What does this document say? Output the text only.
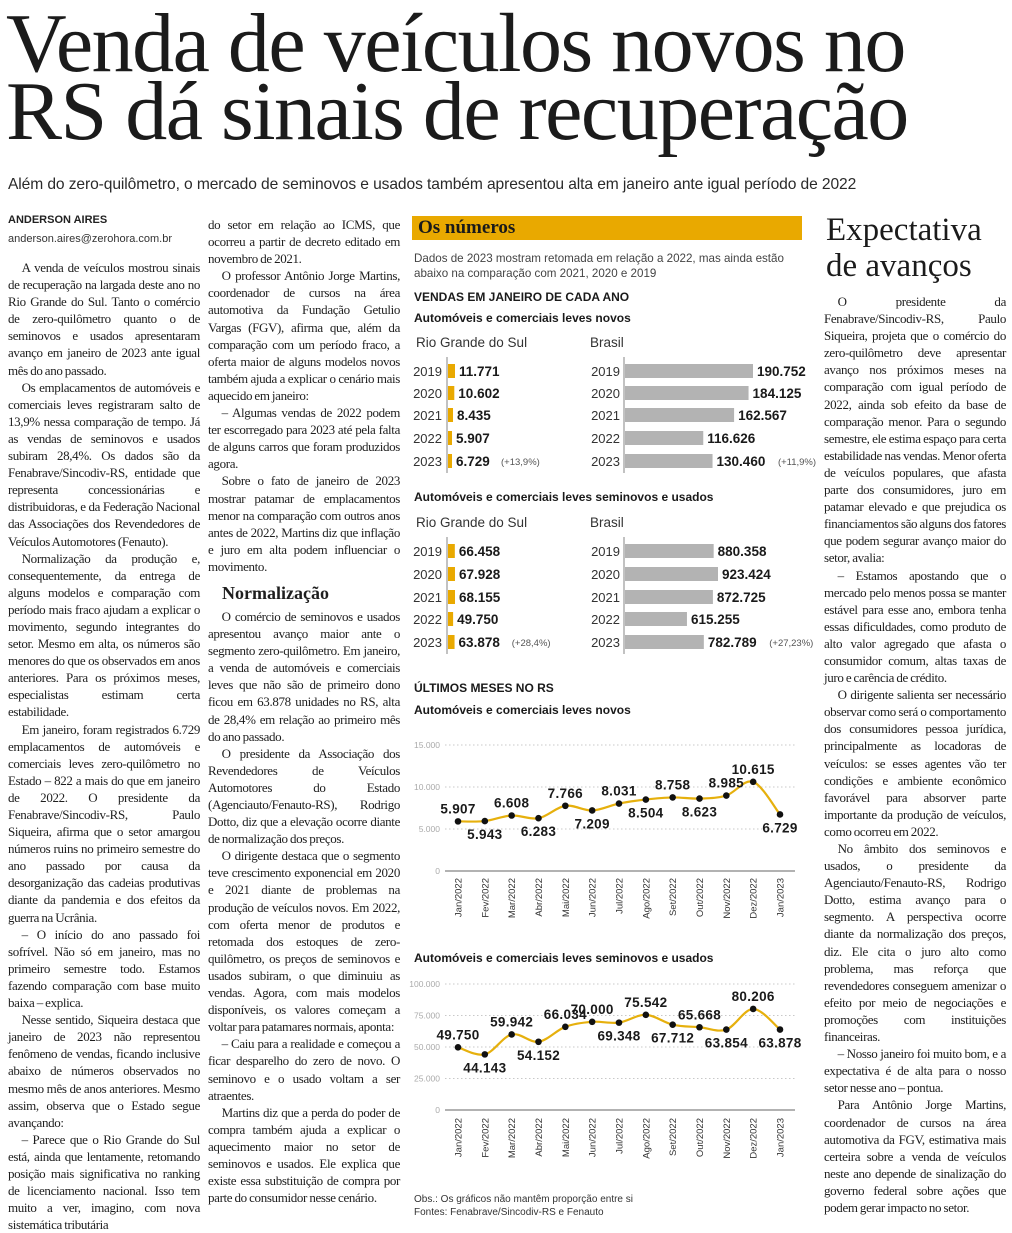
Venda de veículos novos no
RS dá sinais de recuperação
Além do zero-quilômetro, o mercado de seminovos e usados também apresentou alta em janeiro ante igual período de 2022
ANDERSON AIRES
anderson.aires@zerohora.com.br

A venda de veículos mostrou sinais de recuperação na largada deste ano no Rio Grande do Sul. Tanto o comércio de zero-quilômetro quanto o de seminovos e usados apresentaram avanço em janeiro de 2023 ante igual mês do ano passado.

Os emplacamentos de automóveis e comerciais leves registraram salto de 13,9% nessa comparação de tempo. Já as vendas de seminovos e usados subiram 28,4%. Os dados são da Fenabrave/Sincodiv-RS, entidade que representa concessionárias e distribuidoras, e da Federação Nacional das Associações dos Revendedores de Veículos Automotores (Fenauto).

Normalização da produção e, consequentemente, da entrega de alguns modelos e comparação com período mais fraco ajudam a explicar o movimento, segundo integrantes do setor. Mesmo em alta, os números são menores do que os observados em anos anteriores. Para os próximos meses, especialistas estimam certa estabilidade.

Em janeiro, foram registrados 6.729 emplacamentos de automóveis e comerciais leves zero-quilômetro no Estado – 822 a mais do que em janeiro de 2022. O presidente da Fenabrave/Sincodiv-RS, Paulo Siqueira, afirma que o setor amargou números ruins no primeiro semestre do ano passado por causa da desorganização das cadeias produtivas diante da pandemia e dos efeitos da guerra na Ucrânia.

– O início do ano passado foi sofrível. Não só em janeiro, mas no primeiro semestre todo. Estamos fazendo comparação com base muito baixa – explica.

Nesse sentido, Siqueira destaca que janeiro de 2023 não representou fenômeno de vendas, ficando inclusive abaixo de números observados no mesmo mês de anos anteriores. Mesmo assim, observa que o Estado segue avançando:

– Parece que o Rio Grande do Sul está, ainda que lentamente, retomando posição mais significativa no ranking de licenciamento nacional. Isso tem muito a ver, imagino, com nova sistemática tributária

do setor em relação ao ICMS, que ocorreu a partir de decreto editado em novembro de 2021.

O professor Antônio Jorge Martins, coordenador de cursos na área automotiva da Fundação Getulio Vargas (FGV), afirma que, além da comparação com um período fraco, a oferta maior de alguns modelos novos também ajuda a explicar o cenário mais aquecido em janeiro:

– Algumas vendas de 2022 podem ter escorregado para 2023 até pela falta de alguns carros que foram produzidos agora.

Sobre o fato de janeiro de 2023 mostrar patamar de emplacamentos menor na comparação com outros anos antes de 2022, Martins diz que inflação e juro em alta podem influenciar o movimento.

Normalização

O comércio de seminovos e usados apresentou avanço maior ante o segmento zero-quilômetro. Em janeiro, a venda de automóveis e comerciais leves que não são de primeiro dono ficou em 63.878 unidades no RS, alta de 28,4% em relação ao primeiro mês do ano passado.

O presidente da Associação dos Revendedores de Veículos Automotores do Estado (Agenciauto/Fenauto-RS), Rodrigo Dotto, diz que a elevação ocorre diante de normalização dos preços.

O dirigente destaca que o segmento teve crescimento exponencial em 2020 e 2021 diante de problemas na produção de veículos novos. Em 2022, com oferta menor de produtos e retomada dos estoques de zero-quilômetro, os preços de seminovos e usados subiram, o que diminuiu as vendas. Agora, com mais modelos disponíveis, os valores começam a voltar para patamares normais, aponta:

– Caiu para a realidade e começou a ficar desparelho do zero de novo. O seminovo e o usado voltam a ser atraentes.

Martins diz que a perda do poder de compra também ajuda a explicar o aquecimento maior no setor de seminovos e usados. Ele explica que existe essa substituição de compra por parte do consumidor nesse cenário.

Expectativa de avanços

O presidente da Fenabrave/Sincodiv-RS, Paulo Siqueira, projeta que o comércio do zero-quilômetro deve apresentar avanço nos próximos meses na comparação com igual período de 2022, ainda sob efeito da base de comparação menor. Para o segundo semestre, ele estima espaço para certa estabilidade nas vendas. Menor oferta de veículos populares, que afasta parte dos consumidores, juro em patamar elevado e que prejudica os financiamentos são alguns dos fatores que podem segurar avanço maior do setor, avalia:

– Estamos apostando que o mercado pelo menos possa se manter estável para esse ano, embora tenha essas dificuldades, como produto de alto valor agregado que afasta o consumidor comum, altas taxas de juro e carência de crédito.

O dirigente salienta ser necessário observar como será o comportamento dos consumidores pessoa jurídica, principalmente as locadoras de veículos: se esses agentes vão ter condições e ambiente econômico favorável para absorver parte importante da produção de veículos, como ocorreu em 2022.

No âmbito dos seminovos e usados, o presidente da Agenciauto/Fenauto-RS, Rodrigo Dotto, estima avanço para o segmento. A perspectiva ocorre diante da normalização dos preços, diz. Ele cita o juro alto como problema, mas reforça que revendedores conseguem amenizar o efeito por meio de negociações e promoções com instituições financeiras.

– Nosso janeiro foi muito bom, e a expectativa é de alta para o nosso setor nesse ano – pontua.

Para Antônio Jorge Martins, coordenador de cursos na área automotiva da FGV, estimativa mais certeira sobre a venda de veículos neste ano depende de sinalização do governo federal sobre ações que podem gerar impacto no setor.

Os números
Dados de 2023 mostram retomada em relação a 2022, mas ainda estão abaixo na comparação com 2021, 2020 e 2019
VENDAS EM JANEIRO DE CADA ANO
Automóveis e comerciais leves novos
Automóveis e comerciais leves seminovos e usados
ÚLTIMOS MESES NO RS
Automóveis e comerciais leves novos
Automóveis e comerciais leves seminovos e usados
Obs.: Os gráficos não mantêm proporção entre si
Fontes: Fenabrave/Sincodiv-RS e Fenauto
Rio Grande do Sul
2019 11.771
2020 10.602
2021 8.435
2022 5.907
2023 6.729 (+13,9%)
Brasil
2019	190.752
2020	184.125
2021	162.567
2022	116.626
2023	130.460 (+11,9%)
Rio Grande do Sul
2019 66.458
2020 67.928
2021 68.155
2022 49.750
2023 63.878 (+28,4%)
Brasil
2019	880.358
2020	923.424
2021	872.725
2022	615.255
2023	782.789 (+27,23%)
0
5.000
10.000
15.000
5.907
Jan/2022
5.943
Fev/2022
6.608
Mar/2022
6.283
Abr/2022
7.766
Mai/2022
7.209
Jun/2022
8.031
Jul/2022
8.504
Ago/2022
8.758
Set/2022
8.623
Out/2022
8.985
Nov/2022
10.615
Dez/2022
6.729
Jan/2023
0
25.000
50.000
75.000
100.000
49.750
Jan/2022
44.143
Fev/2022
59.942
Mar/2022
54.152
Abr/2022
66.034
Mai/2022
70.000
Jun/2022
69.348
Jul/2022
75.542
Ago/2022
67.712
Set/2022
65.668
Out/2022
63.854
Nov/2022
80.206
Dez/2022
63.878
Jan/2023
